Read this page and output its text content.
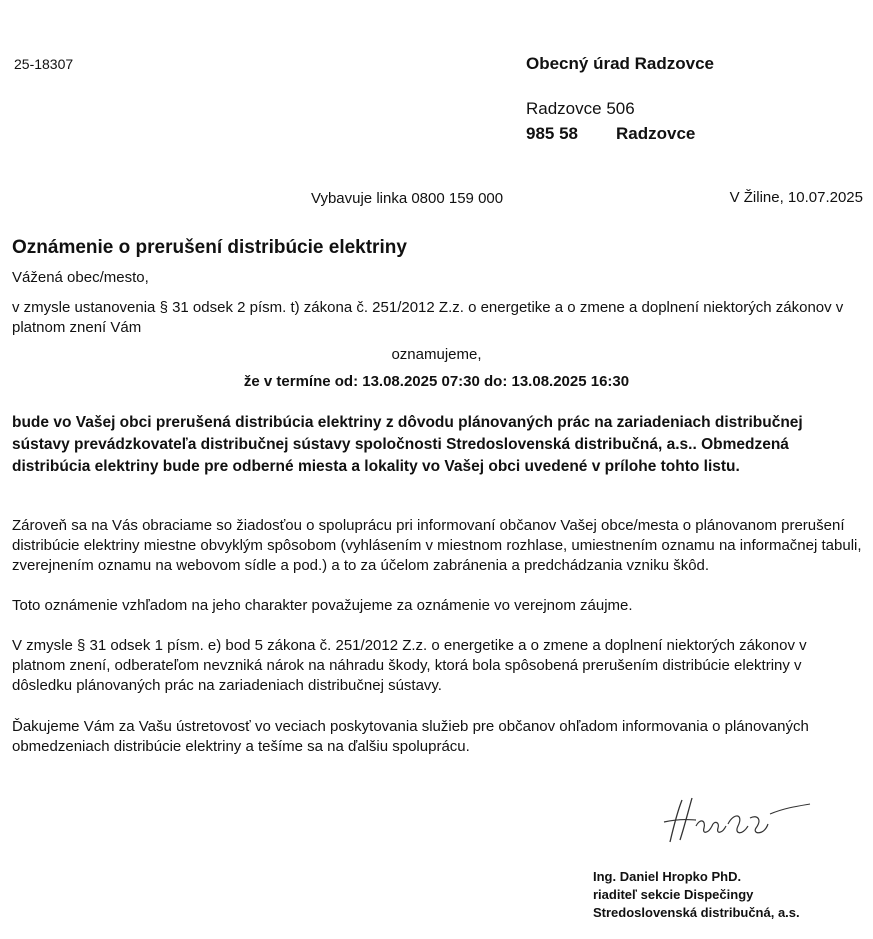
25-18307	Obecný úrad Radzovce
Radzovce 506
985 58 Radzovce
Vybavuje linka 0800 159 000	V Žiline, 10.07.2025
Oznámenie o prerušení distribúcie elektriny
Vážená obec/mesto,
v zmysle ustanovenia § 31 odsek 2 písm. t) zákona č. 251/2012 Z.z. o energetike a o zmene a doplnení niektorých zákonov v platnom znení Vám
oznamujeme,
že v termíne od: 13.08.2025 07:30 do: 13.08.2025 16:30
bude vo Vašej obci prerušená distribúcia elektriny z dôvodu plánovaných prác na zariadeniach distribučnej sústavy prevádzkovateľa distribučnej sústavy spoločnosti Stredoslovenská distribučná, a.s.. Obmedzená distribúcia elektriny bude pre odberné miesta a lokality vo Vašej obci uvedené v prílohe tohto listu.
Zároveň sa na Vás obraciame so žiadosťou o spoluprácu pri informovaní občanov Vašej obce/mesta o plánovanom prerušení distribúcie elektriny miestne obvyklým spôsobom (vyhlásením v miestnom rozhlase, umiestnením oznamu na informačnej tabuli, zverejnením oznamu na webovom sídle a pod.) a to za účelom zabránenia a predchádzania vzniku škôd.
Toto oznámenie vzhľadom na jeho charakter považujeme za oznámenie vo verejnom záujme.
V zmysle § 31 odsek 1 písm. e) bod 5 zákona č. 251/2012 Z.z. o energetike a o zmene a doplnení niektorých zákonov v platnom znení, odberateľom nevzniká nárok na náhradu škody, ktorá bola spôsobená prerušením distribúcie elektriny v dôsledku plánovaných prác na zariadeniach distribučnej sústavy.
Ďakujeme Vám za Vašu ústretovosť vo veciach poskytovania služieb pre občanov ohľadom informovania o plánovaných obmedzeniach distribúcie elektriny a tešíme sa na ďalšiu spoluprácu.
Ing. Daniel Hropko PhD.
riaditeľ sekcie Dispečingy
Stredoslovenská distribučná, a.s.
